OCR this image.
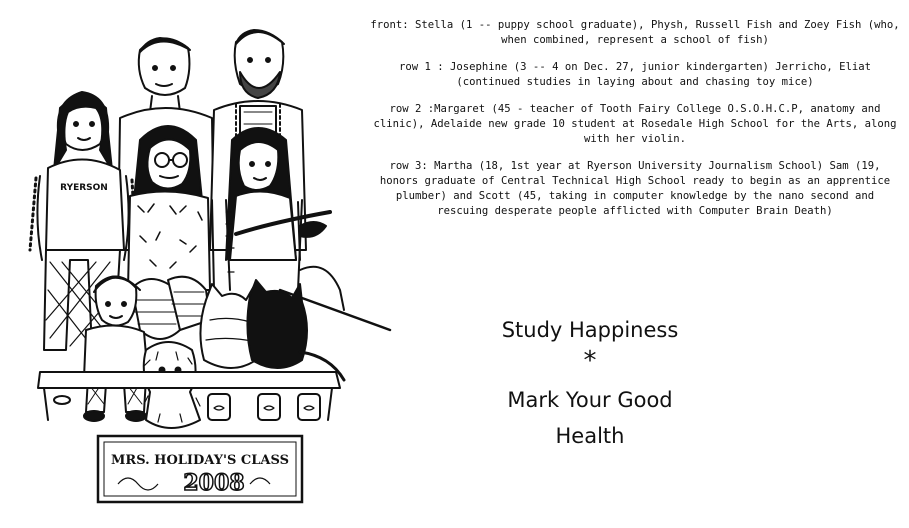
RYERSON
MRS. HOLIDAY'S CLASS
2008

front: Stella (1 -- puppy school graduate), Physh, Russell Fish and Zoey Fish (who, when combined, represent a school of fish)

row 1 : Josephine (3 -- 4 on Dec. 27, junior kindergarten) Jerricho, Eliat (continued studies in laying about and chasing toy mice)

row 2 :Margaret (45 - teacher of Tooth Fairy College O.S.O.H.C.P, anatomy and clinic), Adelaide new grade 10 student at Rosedale High School for the Arts, along with her violin.

row 3: Martha (18, 1st year at Ryerson University Journalism School) Sam (19, honors graduate of Central Technical High School ready to begin as an apprentice plumber) and Scott (45, taking in computer knowledge by the nano second and rescuing desperate people afflicted with Computer Brain Death)

Study Happiness
*
Mark Your Good
Health
